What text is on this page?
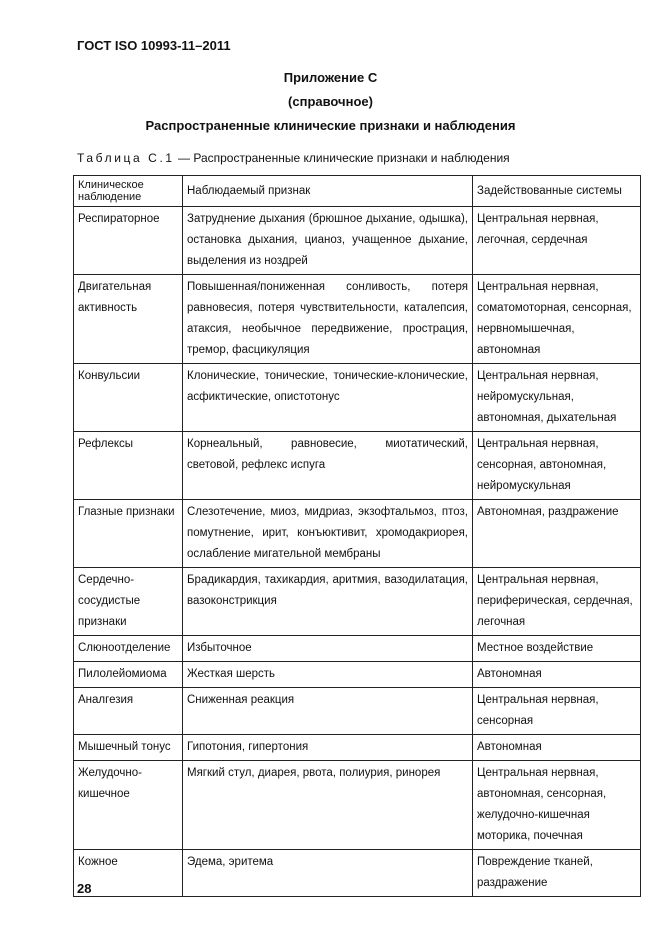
ГОСТ ISO 10993-11–2011
Приложение С
(справочное)
Распространенные клинические признаки и наблюдения
Таблица С.1 — Распространенные клинические признаки и наблюдения
Клиническое наблюдение	Наблюдаемый признак	Задействованные системы
Респираторное	Затруднение дыхания (брюшное дыхание, одышка), остановка дыхания, цианоз, учащенное дыхание, выделения из ноздрей	Центральная нервная, легочная, сердечная
Двигательная активность	Повышенная/пониженная сонливость, потеря равновесия, потеря чувствительности, каталепсия, атаксия, необычное передвижение, прострация, тремор, фасцикуляция	Центральная нервная, соматомоторная, сенсорная, нервномышечная, автономная
Конвульсии	Клонические, тонические, тонические-клонические, асфиктические, опистотонус	Центральная нервная, нейромускульная, автономная, дыхательная
Рефлексы	Корнеальный, равновесие, миотатический, световой, рефлекс испуга	Центральная нервная, сенсорная, автономная, нейромускульная
Глазные признаки	Слезотечение, миоз, мидриаз, экзофтальмоз, птоз, помутнение, ирит, конъюктивит, хромодакриорея, ослабление мигательной мембраны	Автономная, раздражение
Сердечно-сосудистые признаки	Брадикардия, тахикардия, аритмия, вазодилатация, вазоконстрикция	Центральная нервная, периферическая, сердечная, легочная
Слюноотделение	Избыточное	Местное воздействие
Пилолейомиома	Жесткая шерсть	Автономная
Аналгезия	Сниженная реакция	Центральная нервная, сенсорная
Мышечный тонус	Гипотония, гипертония	Автономная
Желудочно-кишечное	Мягкий стул, диарея, рвота, полиурия, ринорея	Центральная нервная, автономная, сенсорная, желудочно-кишечная моторика, почечная
Кожное	Эдема, эритема	Повреждение тканей, раздражение
28
